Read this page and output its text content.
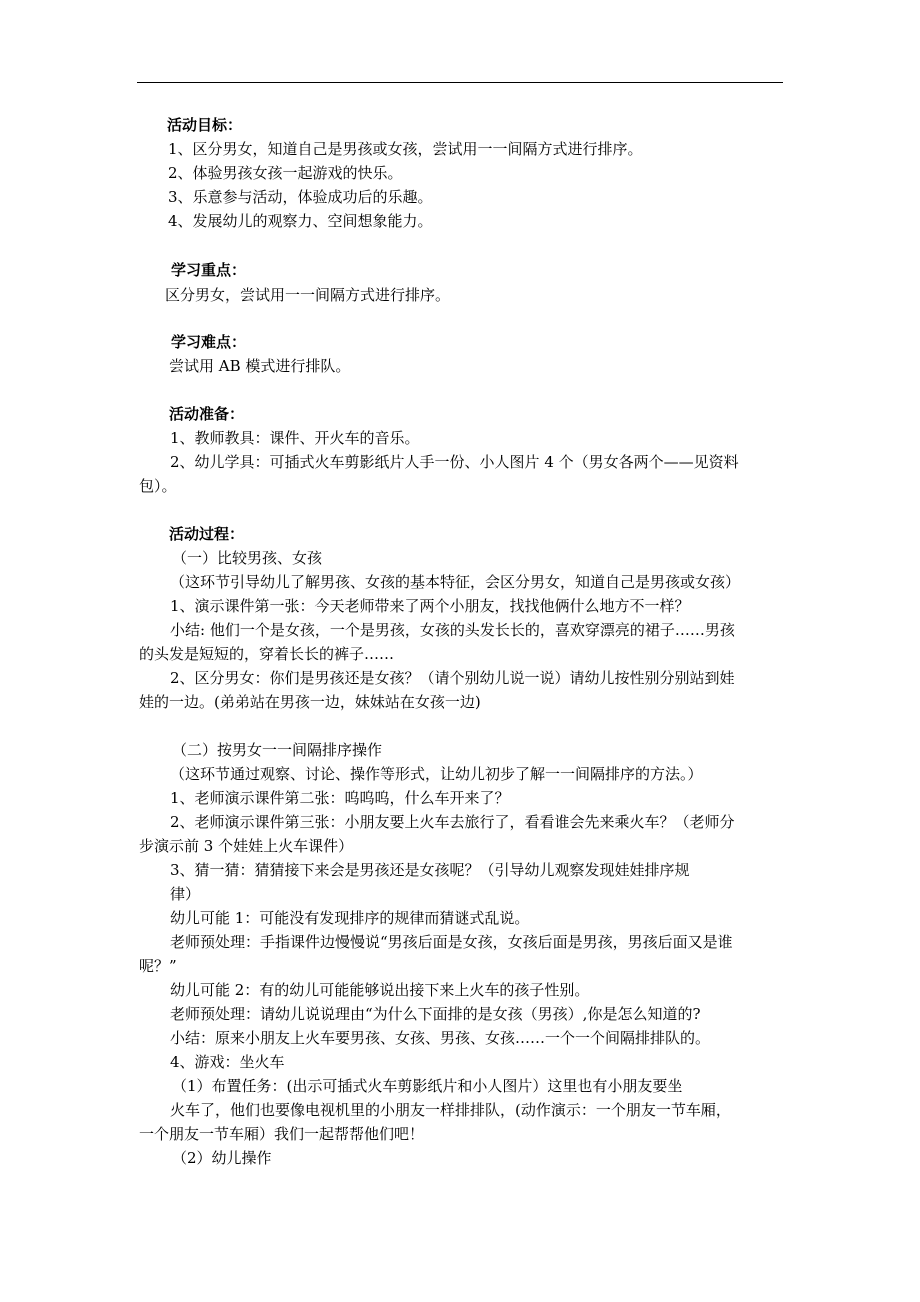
活动目标：
1、区分男女，知道自己是男孩或女孩，尝试用一一间隔方式进行排序。
2、体验男孩女孩一起游戏的快乐。
3、乐意参与活动，体验成功后的乐趣。
4、发展幼儿的观察力、空间想象能力。
学习重点：
区分男女，尝试用一一间隔方式进行排序。
学习难点：
尝试用 AB 模式进行排队。
活动准备：
1、教师教具：课件、开火车的音乐。
2、幼儿学具：可插式火车剪影纸片人手一份、小人图片 4 个（男女各两个——见资料
包）。
活动过程：
（一）比较男孩、女孩
（这环节引导幼儿了解男孩、女孩的基本特征，会区分男女，知道自己是男孩或女孩）
1、演示课件第一张：今天老师带来了两个小朋友，找找他俩什么地方不一样？
小结: 他们一个是女孩，一个是男孩，女孩的头发长长的，喜欢穿漂亮的裙子……男孩
的头发是短短的，穿着长长的裤子……
2、区分男女：你们是男孩还是女孩？（请个别幼儿说一说）请幼儿按性别分别站到娃
娃的一边。(弟弟站在男孩一边，妹妹站在女孩一边)
（二）按男女一一间隔排序操作
（这环节通过观察、讨论、操作等形式，让幼儿初步了解一一间隔排序的方法。）
1、老师演示课件第二张：呜呜呜，什么车开来了？
2、老师演示课件第三张：小朋友要上火车去旅行了，看看谁会先来乘火车？（老师分
步演示前 3 个娃娃上火车课件）
3、猜一猜：猜猜接下来会是男孩还是女孩呢？（引导幼儿观察发现娃娃排序规
律）
幼儿可能 1：可能没有发现排序的规律而猜谜式乱说。
老师预处理：手指课件边慢慢说“男孩后面是女孩，女孩后面是男孩，男孩后面又是谁
呢？”
幼儿可能 2：有的幼儿可能能够说出接下来上火车的孩子性别。
老师预处理：请幼儿说说理由“为什么下面排的是女孩（男孩）,你是怎么知道的?
小结：原来小朋友上火车要男孩、女孩、男孩、女孩……一个一个间隔排排队的。
4、游戏：坐火车
（1）布置任务：(出示可插式火车剪影纸片和小人图片）这里也有小朋友要坐
火车了，他们也要像电视机里的小朋友一样排排队，(动作演示：一个朋友一节车厢，
一个朋友一节车厢）我们一起帮帮他们吧！
（2）幼儿操作
